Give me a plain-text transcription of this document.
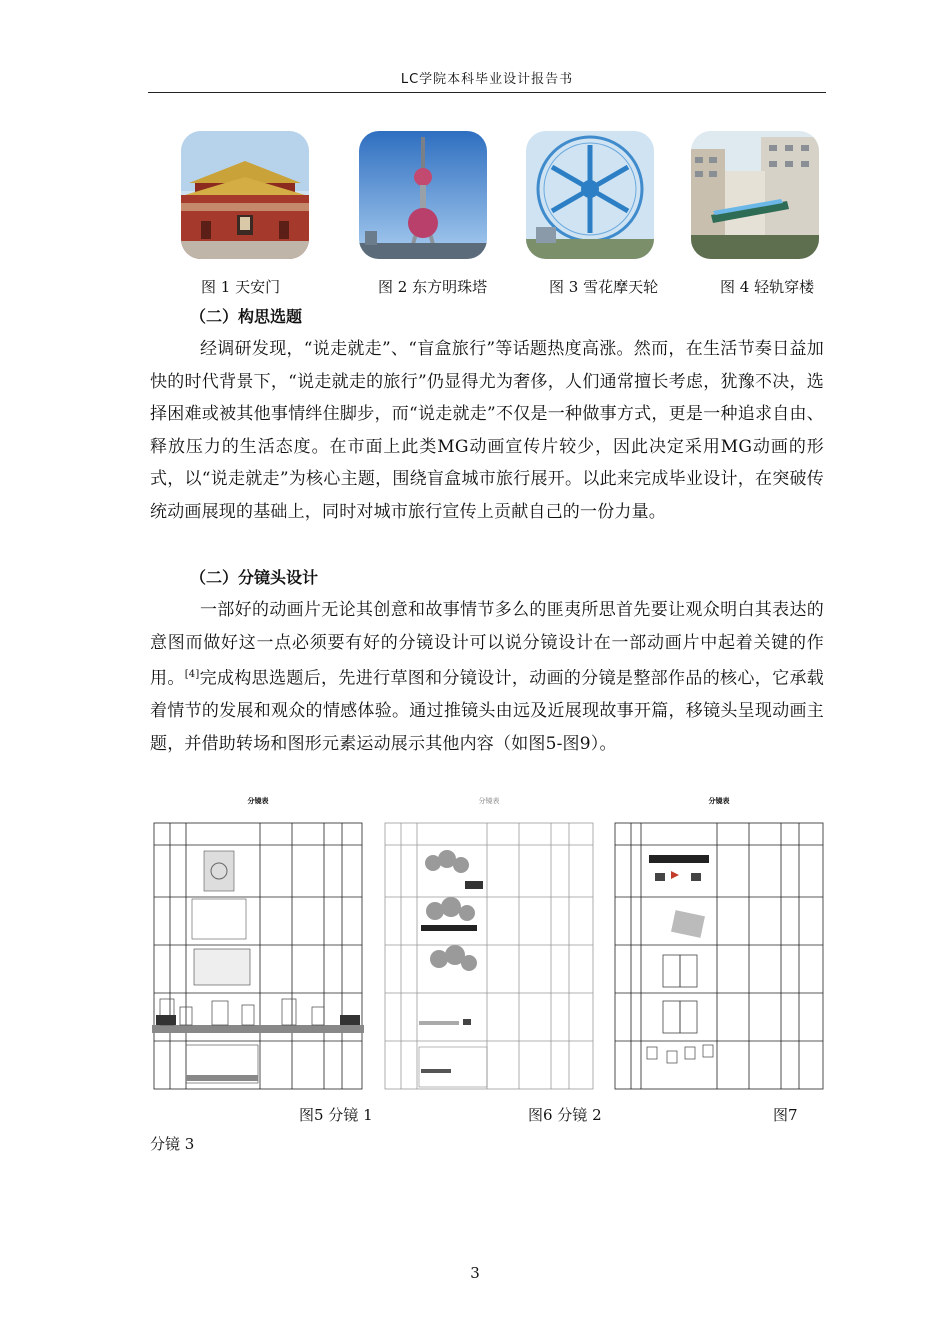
LC学院本科毕业设计报告书
图 1 天安门	图 2 东方明珠塔	图 3 雪花摩天轮	图 4 轻轨穿楼
（二）构思选题

经调研发现，“说走就走”、“盲盒旅行”等话题热度高涨。然而，在生活节奏日益加快的时代背景下，“说走就走的旅行”仍显得尤为奢侈，人们通常擅长考虑，犹豫不决，选择困难或被其他事情绊住脚步，而“说走就走”不仅是一种做事方式，更是一种追求自由、释放压力的生活态度。在市面上此类MG动画宣传片较少，因此决定采用MG动画的形式，以“说走就走”为核心主题，围绕盲盒城市旅行展开。以此来完成毕业设计，在突破传统动画展现的基础上，同时对城市旅行宣传上贡献自己的一份力量。

（二）分镜头设计

一部好的动画片无论其创意和故事情节多么的匪夷所思首先要让观众明白其表达的意图而做好这一点必须要有好的分镜设计可以说分镜设计在一部动画片中起着关键的作用。[4]完成构思选题后，先进行草图和分镜设计，动画的分镜是整部作品的核心，它承载着情节的发展和观众的情感体验。通过推镜头由远及近展现故事开篇，移镜头呈现动画主题，并借助转场和图形元素运动展示其他内容（如图5-图9）。

分镜表	分镜表	分镜表
图5 分镜 1	图6 分镜 2	图7
分镜 3
3
